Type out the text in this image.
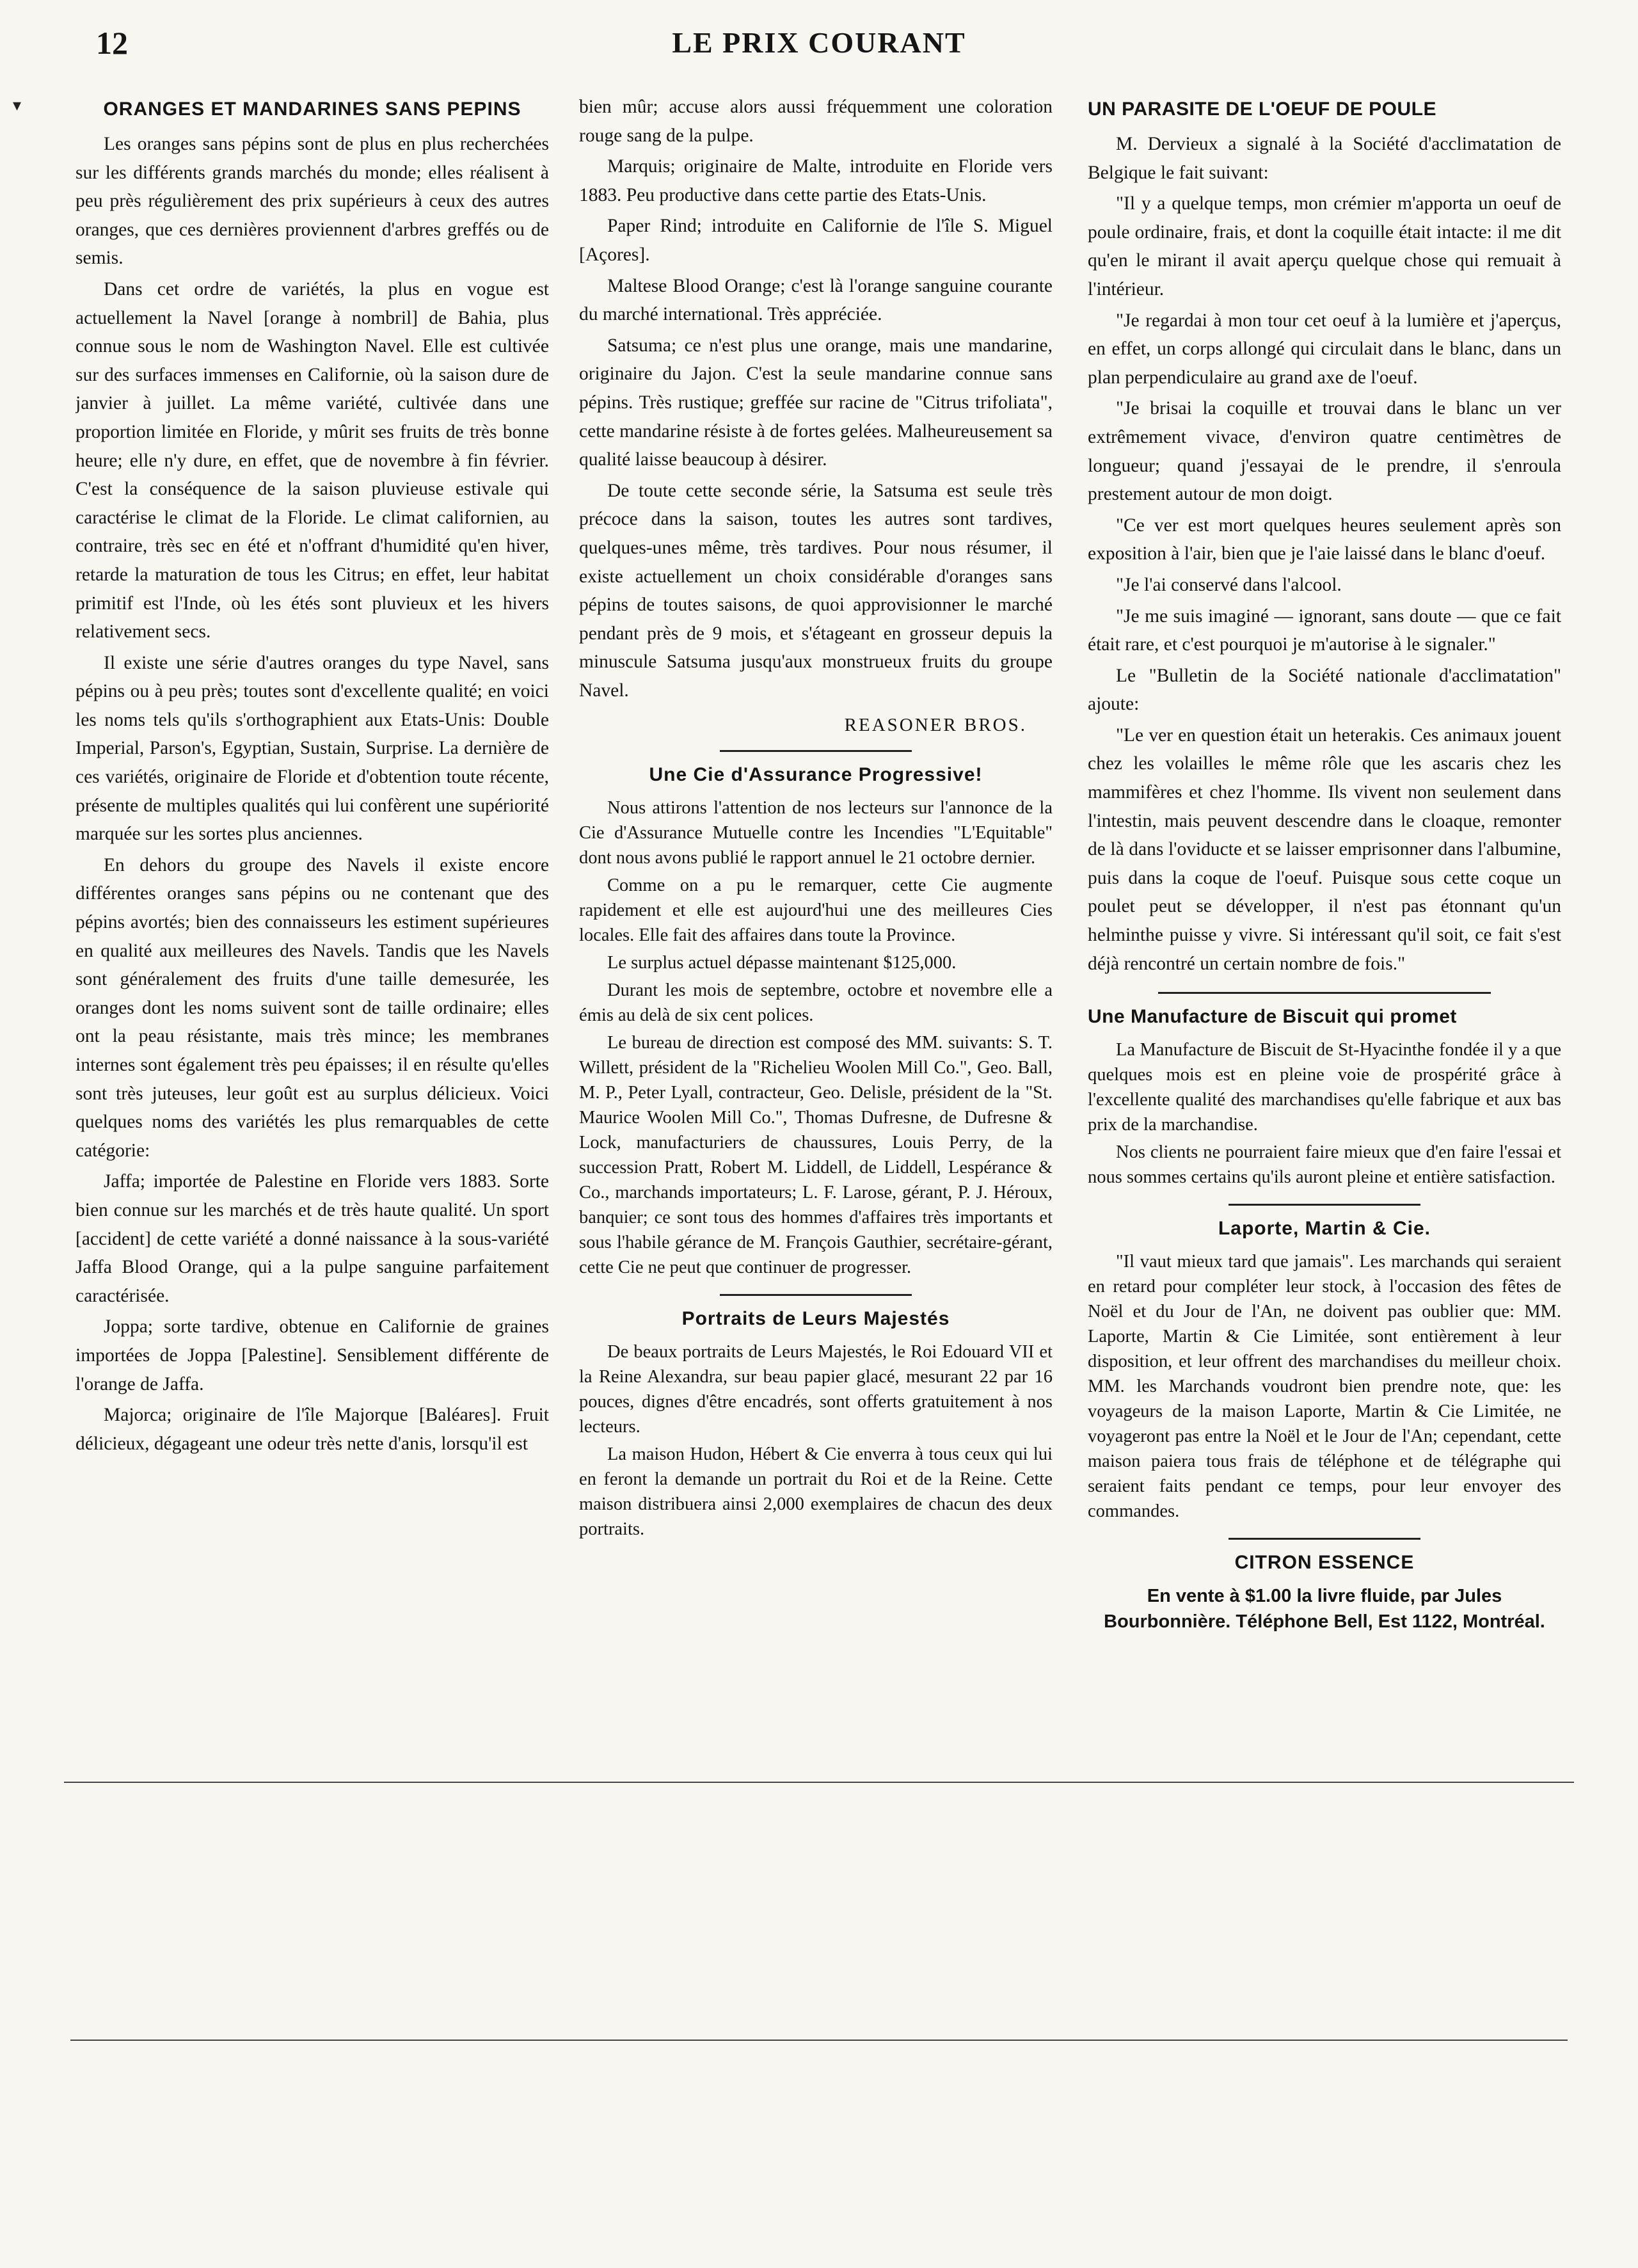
12	LE PRIX COURANT
ORANGES ET MANDARINES SANS PEPINS

Les oranges sans pépins sont de plus en plus recherchées sur les différents grands marchés du monde; elles réalisent à peu près régulièrement des prix supérieurs à ceux des autres oranges, que ces dernières proviennent d'arbres greffés ou de semis.

Dans cet ordre de variétés, la plus en vogue est actuellement la Navel [orange à nombril] de Bahia, plus connue sous le nom de Washington Navel. Elle est cultivée sur des surfaces immenses en Californie, où la saison dure de janvier à juillet. La même variété, cultivée dans une proportion limitée en Floride, y mûrit ses fruits de très bonne heure; elle n'y dure, en effet, que de novembre à fin février. C'est la conséquence de la saison pluvieuse estivale qui caractérise le climat de la Floride. Le climat californien, au contraire, très sec en été et n'offrant d'humidité qu'en hiver, retarde la maturation de tous les Citrus; en effet, leur habitat primitif est l'Inde, où les étés sont pluvieux et les hivers relativement secs.

Il existe une série d'autres oranges du type Navel, sans pépins ou à peu près; toutes sont d'excellente qualité; en voici les noms tels qu'ils s'orthographient aux Etats-Unis: Double Imperial, Parson's, Egyptian, Sustain, Surprise. La dernière de ces variétés, originaire de Floride et d'obtention toute récente, présente de multiples qualités qui lui confèrent une supériorité marquée sur les sortes plus anciennes.

En dehors du groupe des Navels il existe encore différentes oranges sans pépins ou ne contenant que des pépins avortés; bien des connaisseurs les estiment supérieures en qualité aux meilleures des Navels. Tandis que les Navels sont généralement des fruits d'une taille demesurée, les oranges dont les noms suivent sont de taille ordinaire; elles ont la peau résistante, mais très mince; les membranes internes sont également très peu épaisses; il en résulte qu'elles sont très juteuses, leur goût est au surplus délicieux. Voici quelques noms des variétés les plus remarquables de cette catégorie:

Jaffa; importée de Palestine en Floride vers 1883. Sorte bien connue sur les marchés et de très haute qualité. Un sport [accident] de cette variété a donné naissance à la sous-variété Jaffa Blood Orange, qui a la pulpe sanguine parfaitement caractérisée.

Joppa; sorte tardive, obtenue en Californie de graines importées de Joppa [Palestine]. Sensiblement différente de l'orange de Jaffa.

Majorca; originaire de l'île Majorque [Baléares]. Fruit délicieux, dégageant une odeur très nette d'anis, lorsqu'il est

bien mûr; accuse alors aussi fréquemment une coloration rouge sang de la pulpe.

Marquis; originaire de Malte, introduite en Floride vers 1883. Peu productive dans cette partie des Etats-Unis.

Paper Rind; introduite en Californie de l'île S. Miguel [Açores].

Maltese Blood Orange; c'est là l'orange sanguine courante du marché international. Très appréciée.

Satsuma; ce n'est plus une orange, mais une mandarine, originaire du Jajon. C'est la seule mandarine connue sans pépins. Très rustique; greffée sur racine de "Citrus trifoliata", cette mandarine résiste à de fortes gelées. Malheureusement sa qualité laisse beaucoup à désirer.

De toute cette seconde série, la Satsuma est seule très précoce dans la saison, toutes les autres sont tardives, quelques-unes même, très tardives. Pour nous résumer, il existe actuellement un choix considérable d'oranges sans pépins de toutes saisons, de quoi approvisionner le marché pendant près de 9 mois, et s'étageant en grosseur depuis la minuscule Satsuma jusqu'aux monstrueux fruits du groupe Navel.

REASONER BROS.
Une Cie d'Assurance Progressive!

Nous attirons l'attention de nos lecteurs sur l'annonce de la Cie d'Assurance Mutuelle contre les Incendies "L'Equitable" dont nous avons publié le rapport annuel le 21 octobre dernier.

Comme on a pu le remarquer, cette Cie augmente rapidement et elle est aujourd'hui une des meilleures Cies locales. Elle fait des affaires dans toute la Province.

Le surplus actuel dépasse maintenant $125,000.

Durant les mois de septembre, octobre et novembre elle a émis au delà de six cent polices.

Le bureau de direction est composé des MM. suivants: S. T. Willett, président de la "Richelieu Woolen Mill Co.", Geo. Ball, M. P., Peter Lyall, contracteur, Geo. Delisle, président de la "St. Maurice Woolen Mill Co.", Thomas Dufresne, de Dufresne & Lock, manufacturiers de chaussures, Louis Perry, de la succession Pratt, Robert M. Liddell, de Liddell, Lespérance & Co., marchands importateurs; L. F. Larose, gérant, P. J. Héroux, banquier; ce sont tous des hommes d'affaires très importants et sous l'habile gérance de M. François Gauthier, secrétaire-gérant, cette Cie ne peut que continuer de progresser.

Portraits de Leurs Majestés

De beaux portraits de Leurs Majestés, le Roi Edouard VII et la Reine Alexandra, sur beau papier glacé, mesurant 22 par 16 pouces, dignes d'être encadrés, sont offerts gratuitement à nos lecteurs.

La maison Hudon, Hébert & Cie enverra à tous ceux qui lui en feront la demande un portrait du Roi et de la Reine. Cette maison distribuera ainsi 2,000 exemplaires de chacun des deux portraits.

UN PARASITE DE L'OEUF DE POULE

M. Dervieux a signalé à la Société d'acclimatation de Belgique le fait suivant:

"Il y a quelque temps, mon crémier m'apporta un oeuf de poule ordinaire, frais, et dont la coquille était intacte: il me dit qu'en le mirant il avait aperçu quelque chose qui remuait à l'intérieur.

"Je regardai à mon tour cet oeuf à la lumière et j'aperçus, en effet, un corps allongé qui circulait dans le blanc, dans un plan perpendiculaire au grand axe de l'oeuf.

"Je brisai la coquille et trouvai dans le blanc un ver extrêmement vivace, d'environ quatre centimètres de longueur; quand j'essayai de le prendre, il s'enroula prestement autour de mon doigt.

"Ce ver est mort quelques heures seulement après son exposition à l'air, bien que je l'aie laissé dans le blanc d'oeuf.

"Je l'ai conservé dans l'alcool.

"Je me suis imaginé — ignorant, sans doute — que ce fait était rare, et c'est pourquoi je m'autorise à le signaler."

Le "Bulletin de la Société nationale d'acclimatation" ajoute:

"Le ver en question était un heterakis. Ces animaux jouent chez les volailles le même rôle que les ascaris chez les mammifères et chez l'homme. Ils vivent non seulement dans l'intestin, mais peuvent descendre dans le cloaque, remonter de là dans l'oviducte et se laisser emprisonner dans l'albumine, puis dans la coque de l'oeuf. Puisque sous cette coque un poulet peut se développer, il n'est pas étonnant qu'un helminthe puisse y vivre. Si intéressant qu'il soit, ce fait s'est déjà rencontré un certain nombre de fois."

Une Manufacture de Biscuit qui promet

La Manufacture de Biscuit de St-Hyacinthe fondée il y a que quelques mois est en pleine voie de prospérité grâce à l'excellente qualité des marchandises qu'elle fabrique et aux bas prix de la marchandise.

Nos clients ne pourraient faire mieux que d'en faire l'essai et nous sommes certains qu'ils auront pleine et entière satisfaction.

Laporte, Martin & Cie.

"Il vaut mieux tard que jamais". Les marchands qui seraient en retard pour compléter leur stock, à l'occasion des fêtes de Noël et du Jour de l'An, ne doivent pas oublier que: MM. Laporte, Martin & Cie Limitée, sont entièrement à leur disposition, et leur offrent des marchandises du meilleur choix. MM. les Marchands voudront bien prendre note, que: les voyageurs de la maison Laporte, Martin & Cie Limitée, ne voyageront pas entre la Noël et le Jour de l'An; cependant, cette maison paiera tous frais de téléphone et de télégraphe qui seraient faits pendant ce temps, pour leur envoyer des commandes.

CITRON ESSENCE
En vente à $1.00 la livre fluide, par Jules Bourbonnière. Téléphone Bell, Est 1122, Montréal.
▾
